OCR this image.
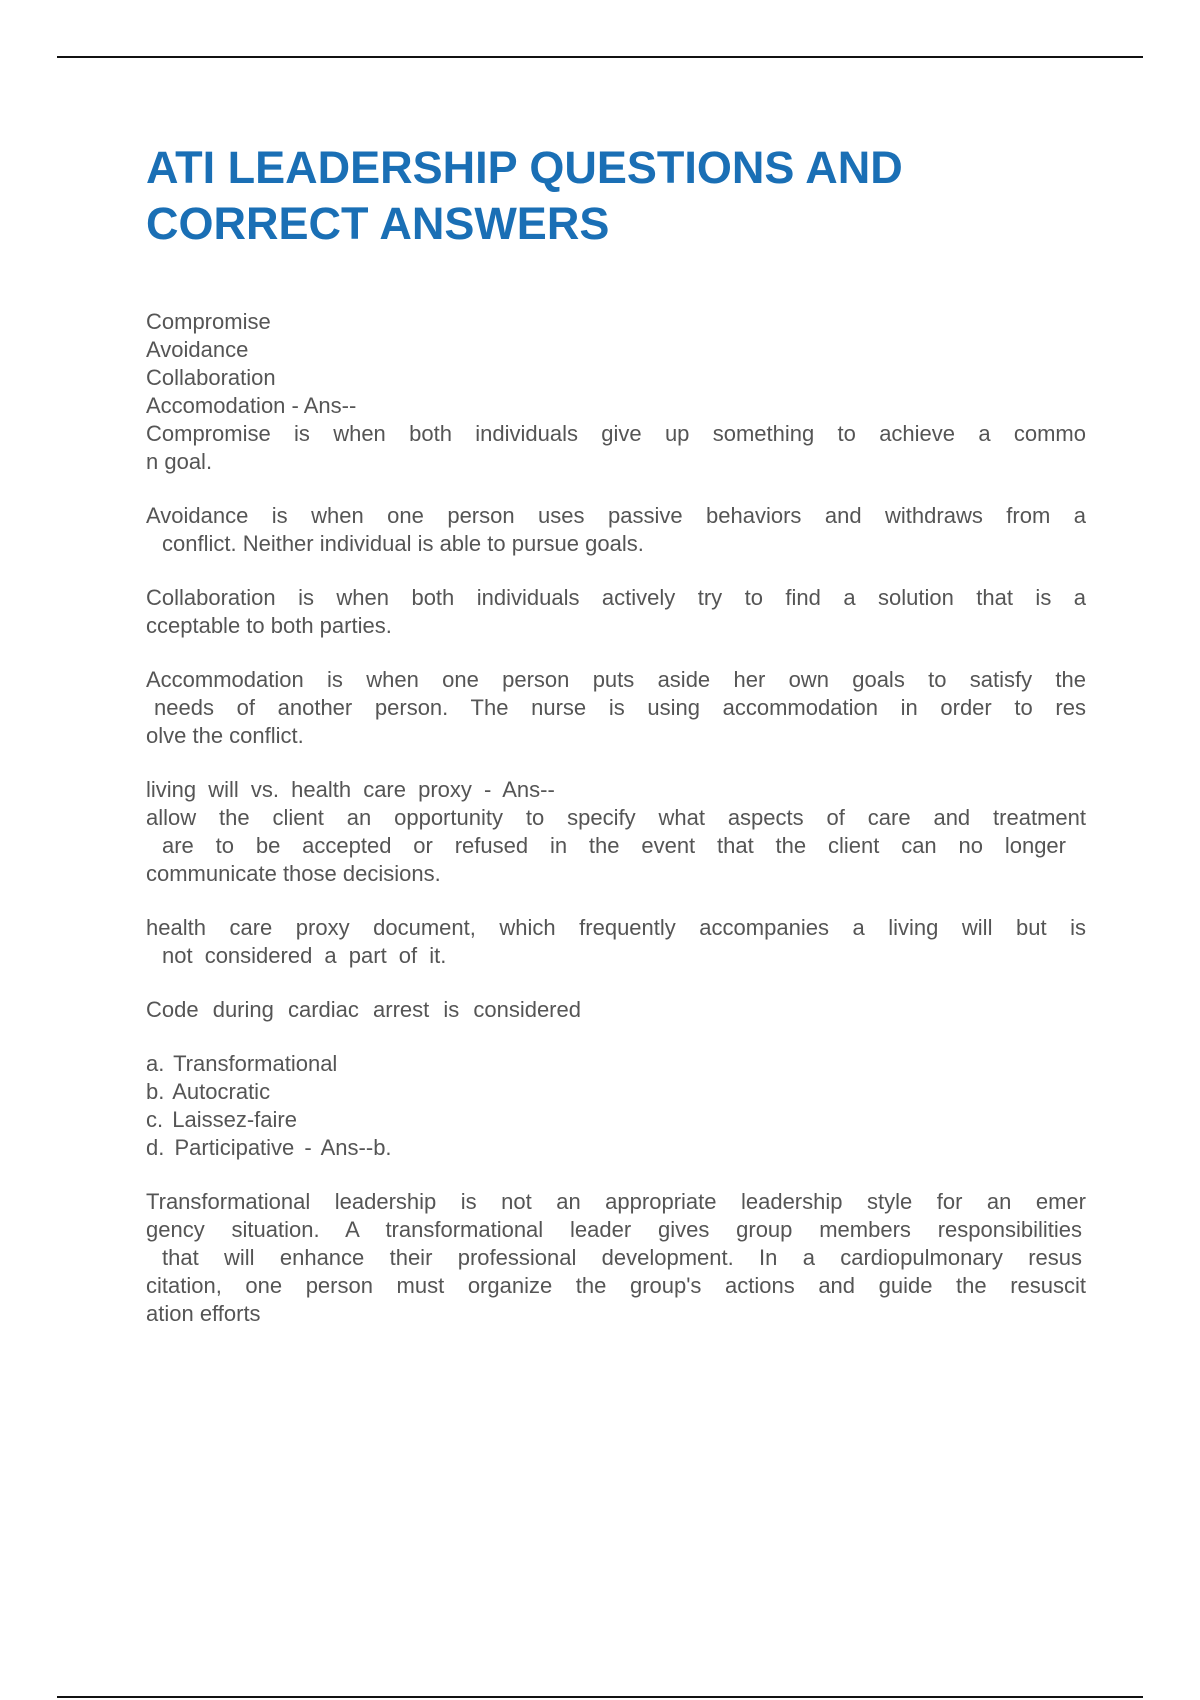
ATI LEADERSHIP QUESTIONS AND
CORRECT ANSWERS
Compromise
Avoidance
Collaboration
Accomodation - Ans--
Compromise is when both individuals give up something to achieve a commo
n goal.
Avoidance is when one person uses passive behaviors and withdraws from a
conflict. Neither individual is able to pursue goals.
Collaboration is when both individuals actively try to find a solution that is a
cceptable to both parties.
Accommodation is when one person puts aside her own goals to satisfy the
needs of another person. The nurse is using accommodation in order to res
olve the conflict.
living will vs. health care proxy - Ans--
allow the client an opportunity to specify what aspects of care and treatment
are to be accepted or refused in the event that the client can no longer
communicate those decisions.
health care proxy document, which frequently accompanies a living will but is
not considered a part of it.
Code during cardiac arrest is considered
a. Transformational
b. Autocratic
c. Laissez-faire
d. Participative - Ans--b.
Transformational leadership is not an appropriate leadership style for an emer
gency situation. A transformational leader gives group members responsibilities
that will enhance their professional development. In a cardiopulmonary resus
citation, one person must organize the group's actions and guide the resuscit
ation efforts
